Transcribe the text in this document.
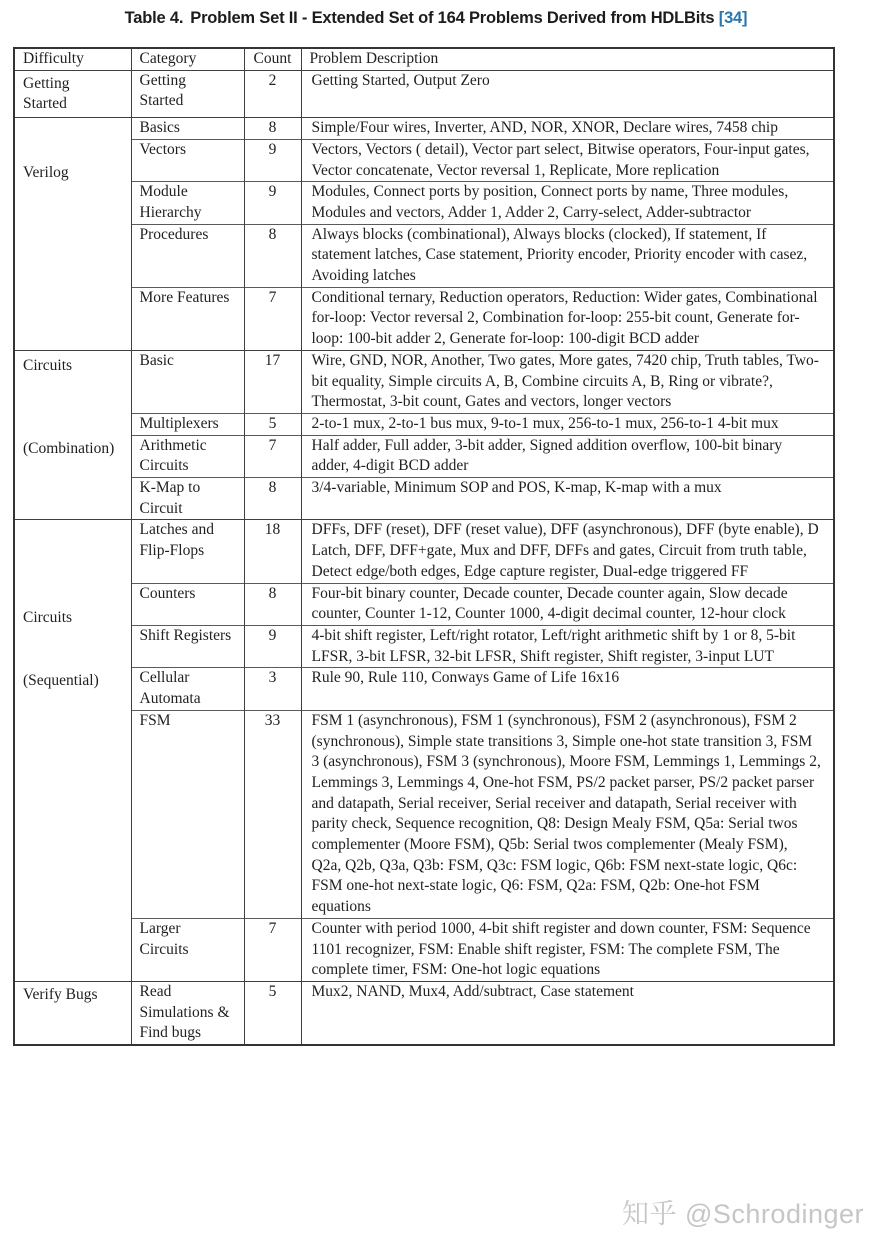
Table 4. Problem Set II - Extended Set of 164 Problems Derived from HDLBits [34]
Difficulty	Category	Count	Problem Description

Getting
Started	Getting Started	2	Getting Started, Output Zero

Verilog	Basics	8	Simple/Four wires, Inverter, AND, NOR, XNOR, Declare wires, 7458 chip
	Vectors	9	Vectors, Vectors ( detail), Vector part select, Bitwise operators, Four-input gates, Vector concatenate, Vector reversal 1, Replicate, More replication
	Module Hierarchy	9	Modules, Connect ports by position, Connect ports by name, Three modules, Modules and vectors, Adder 1, Adder 2, Carry-select, Adder-subtractor
	Procedures	8	Always blocks (combinational), Always blocks (clocked), If statement, If statement latches, Case statement, Priority encoder, Priority encoder with casez, Avoiding latches
	More Features	7	Conditional ternary, Reduction operators, Reduction: Wider gates, Combinational for-loop: Vector reversal 2, Combination for-loop: 255-bit count, Generate for-loop: 100-bit adder 2, Generate for-loop: 100-digit BCD adder

Circuits
(Combination)	Basic	17	Wire, GND, NOR, Another, Two gates, More gates, 7420 chip, Truth tables, Two-bit equality, Simple circuits A, B, Combine circuits A, B, Ring or vibrate?, Thermostat, 3-bit count, Gates and vectors, longer vectors
	Multiplexers	5	2-to-1 mux, 2-to-1 bus mux, 9-to-1 mux, 256-to-1 mux, 256-to-1 4-bit mux
	Arithmetic Circuits	7	Half adder, Full adder, 3-bit adder, Signed addition overflow, 100-bit binary adder, 4-digit BCD adder
	K-Map to Circuit	8	3/4-variable, Minimum SOP and POS, K-map, K-map with a mux

Circuits
(Sequential)	Latches and Flip-Flops	18	DFFs, DFF (reset), DFF (reset value), DFF (asynchronous), DFF (byte enable), D Latch, DFF, DFF+gate, Mux and DFF, DFFs and gates, Circuit from truth table, Detect edge/both edges, Edge capture register, Dual-edge triggered FF
	Counters	8	Four-bit binary counter, Decade counter, Decade counter again, Slow decade counter, Counter 1-12, Counter 1000, 4-digit decimal counter, 12-hour clock
	Shift Registers	9	4-bit shift register, Left/right rotator, Left/right arithmetic shift by 1 or 8, 5-bit LFSR, 3-bit LFSR, 32-bit LFSR, Shift register, Shift register, 3-input LUT
	Cellular Automata	3	Rule 90, Rule 110, Conways Game of Life 16x16
	FSM	33	FSM 1 (asynchronous), FSM 1 (synchronous), FSM 2 (asynchronous), FSM 2 (synchronous), Simple state transitions 3, Simple one-hot state transition 3, FSM 3 (asynchronous), FSM 3 (synchronous), Moore FSM, Lemmings 1, Lemmings 2, Lemmings 3, Lemmings 4, One-hot FSM, PS/2 packet parser, PS/2 packet parser and datapath, Serial receiver, Serial receiver and datapath, Serial receiver with parity check, Sequence recognition, Q8: Design Mealy FSM, Q5a: Serial twos complementer (Moore FSM), Q5b: Serial twos complementer (Mealy FSM), Q2a, Q2b, Q3a, Q3b: FSM, Q3c: FSM logic, Q6b: FSM next-state logic, Q6c: FSM one-hot next-state logic, Q6: FSM, Q2a: FSM, Q2b: One-hot FSM equations
	Larger Circuits	7	Counter with period 1000, 4-bit shift register and down counter, FSM: Sequence 1101 recognizer, FSM: Enable shift register, FSM: The complete FSM, The complete timer, FSM: One-hot logic equations

Verify Bugs	Read Simulations & Find bugs	5	Mux2, NAND, Mux4, Add/subtract, Case statement
知乎 @Schrodinger
